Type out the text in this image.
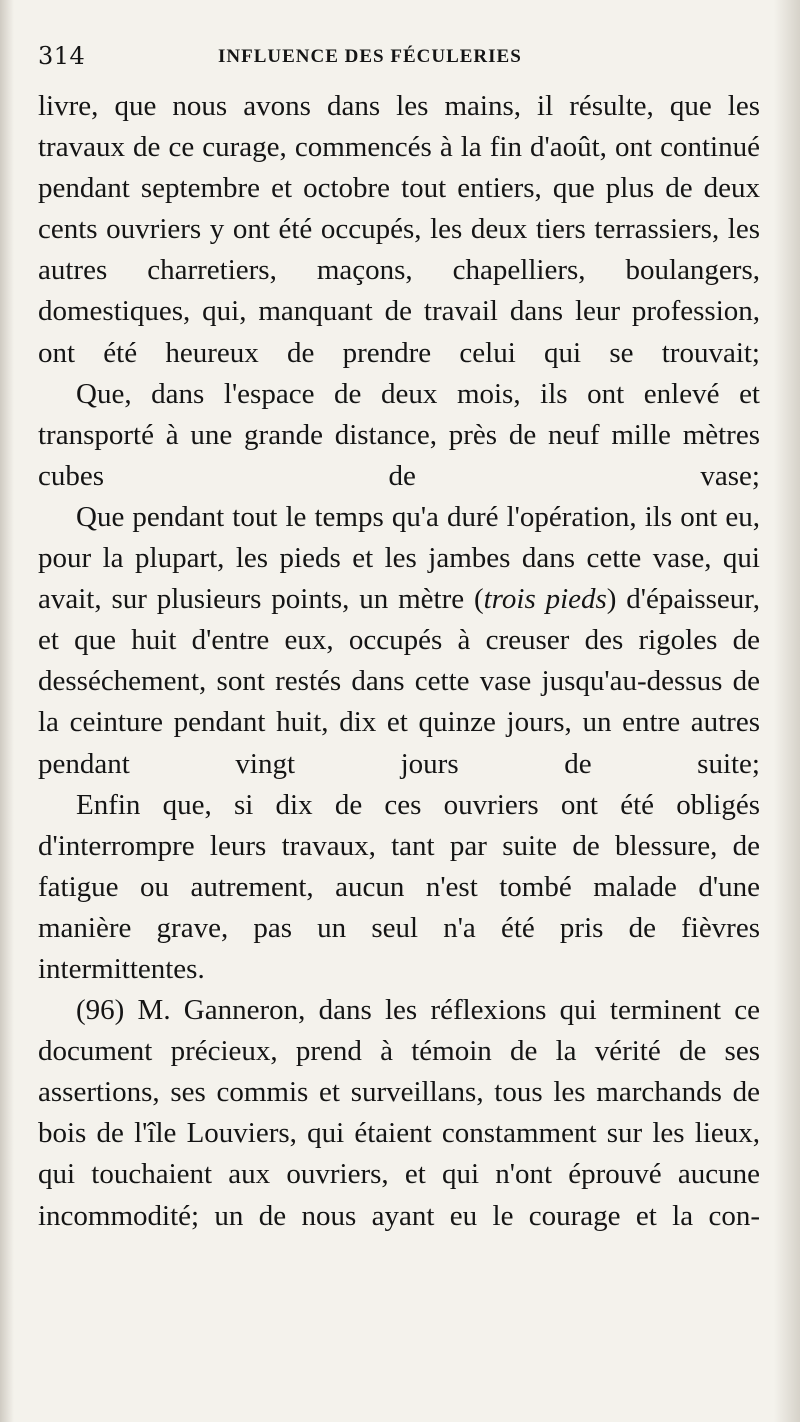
314	INFLUENCE DES FÉCULERIES

livre, que nous avons dans les mains, il résulte, que les travaux de ce curage, commencés à la fin d'août, ont continué pendant septembre et octobre tout entiers, que plus de deux cents ouvriers y ont été occupés, les deux tiers terrassiers, les autres charretiers, maçons, chapelliers, boulangers, domestiques, qui, manquant de travail dans leur profession, ont été heureux de prendre celui qui se trouvait;

Que, dans l'espace de deux mois, ils ont enlevé et transporté à une grande distance, près de neuf mille mètres cubes de vase;

Que pendant tout le temps qu'a duré l'opération, ils ont eu, pour la plupart, les pieds et les jambes dans cette vase, qui avait, sur plusieurs points, un mètre (trois pieds) d'épaisseur, et que huit d'entre eux, occupés à creuser des rigoles de desséchement, sont restés dans cette vase jusqu'au-dessus de la ceinture pendant huit, dix et quinze jours, un entre autres pendant vingt jours de suite;

Enfin que, si dix de ces ouvriers ont été obligés d'interrompre leurs travaux, tant par suite de blessure, de fatigue ou autrement, aucun n'est tombé malade d'une manière grave, pas un seul n'a été pris de fièvres intermittentes.

(96) M. Ganneron, dans les réflexions qui terminent ce document précieux, prend à témoin de la vérité de ses assertions, ses commis et surveillans, tous les marchands de bois de l'île Louviers, qui étaient constamment sur les lieux, qui touchaient aux ouvriers, et qui n'ont éprouvé aucune incommodité; un de nous ayant eu le courage et la con-
